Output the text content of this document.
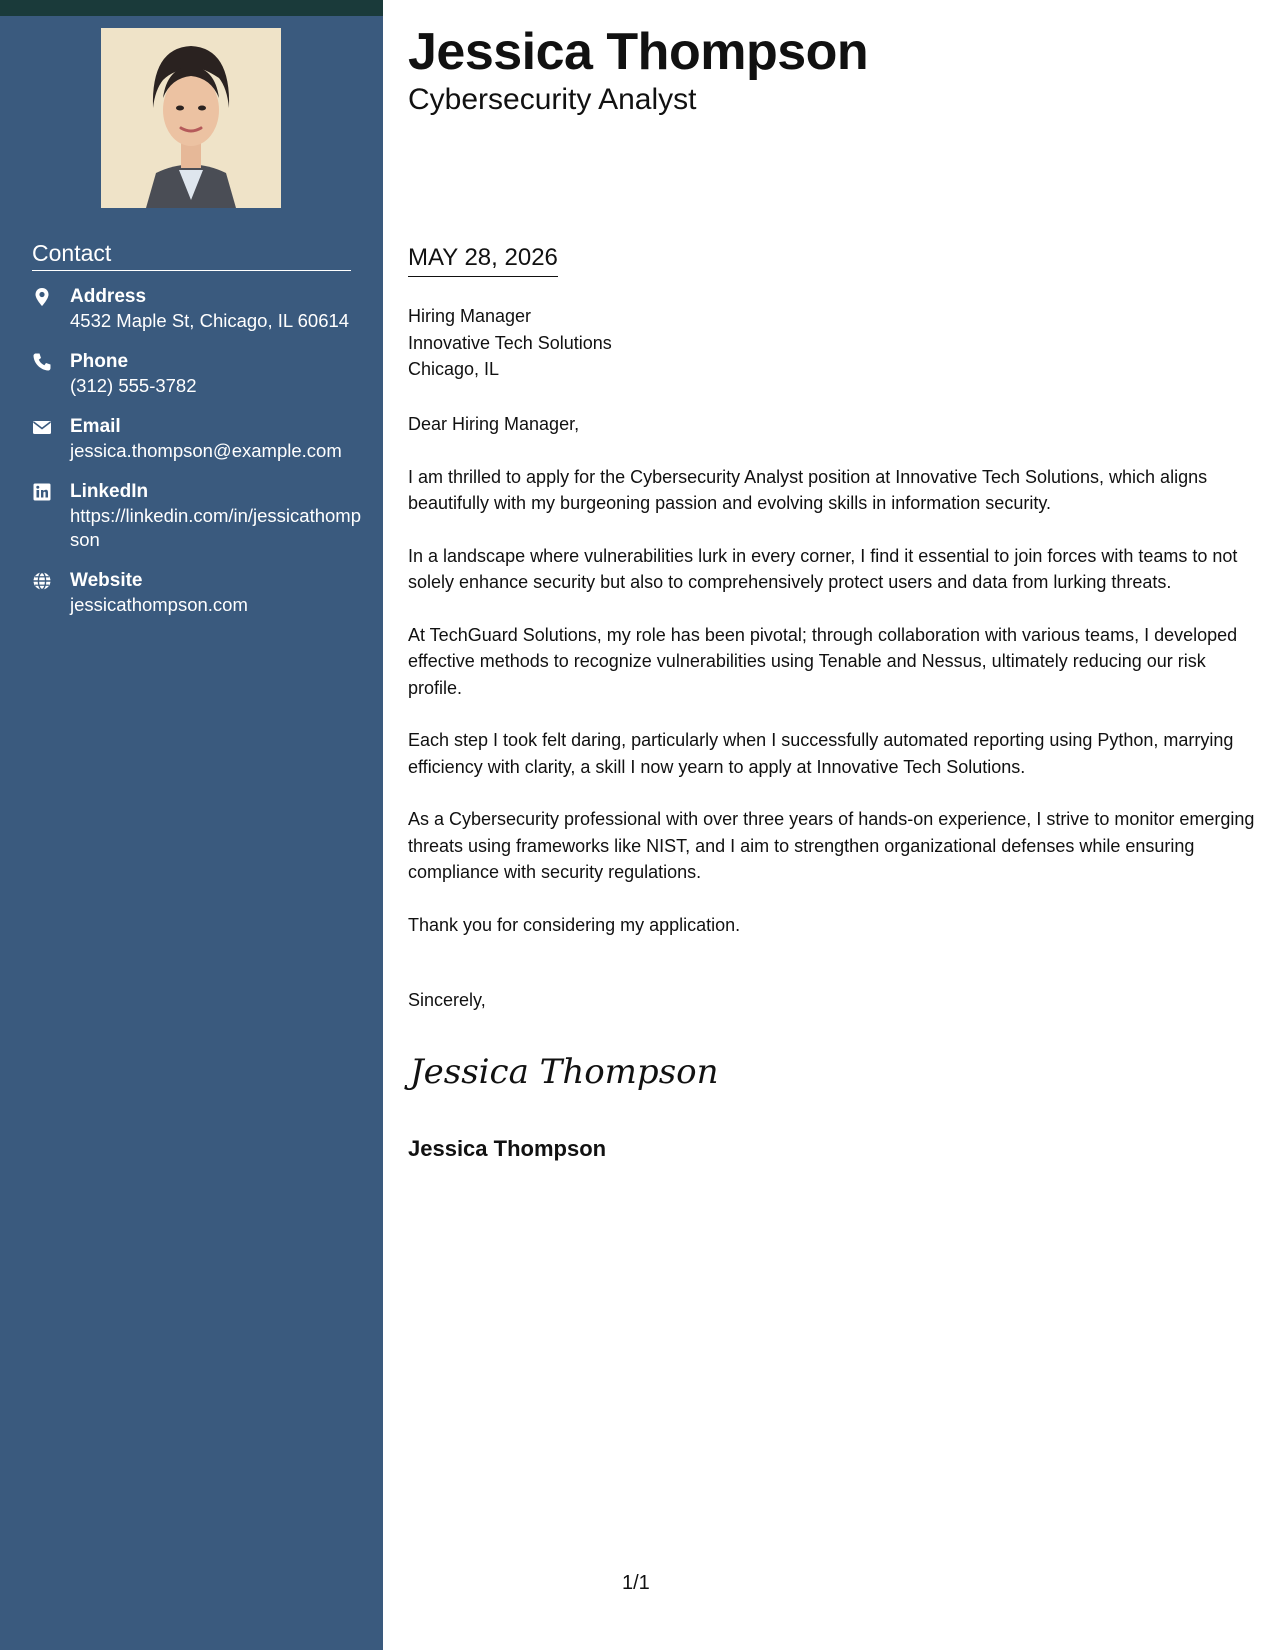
Contact
Address
4532 Maple St, Chicago, IL 60614
Phone
(312) 555-3782
Email
jessica.thompson@example.com
LinkedIn
https://linkedin.com/in/jessicathompson
Website
jessicathompson.com
Jessica Thompson
Cybersecurity Analyst
MAY 28, 2026
Hiring Manager
Innovative Tech Solutions
Chicago, IL

Dear Hiring Manager,

I am thrilled to apply for the Cybersecurity Analyst position at Innovative Tech Solutions, which aligns beautifully with my burgeoning passion and evolving skills in information security.

In a landscape where vulnerabilities lurk in every corner, I find it essential to join forces with teams to not solely enhance security but also to comprehensively protect users and data from lurking threats.

At TechGuard Solutions, my role has been pivotal; through collaboration with various teams, I developed effective methods to recognize vulnerabilities using Tenable and Nessus, ultimately reducing our risk profile.

Each step I took felt daring, particularly when I successfully automated reporting using Python, marrying efficiency with clarity, a skill I now yearn to apply at Innovative Tech Solutions.

As a Cybersecurity professional with over three years of hands-on experience, I strive to monitor emerging threats using frameworks like NIST, and I aim to strengthen organizational defenses while ensuring compliance with security regulations.

Thank you for considering my application.

Sincerely,
Jessica Thompson
Jessica Thompson
1/1
